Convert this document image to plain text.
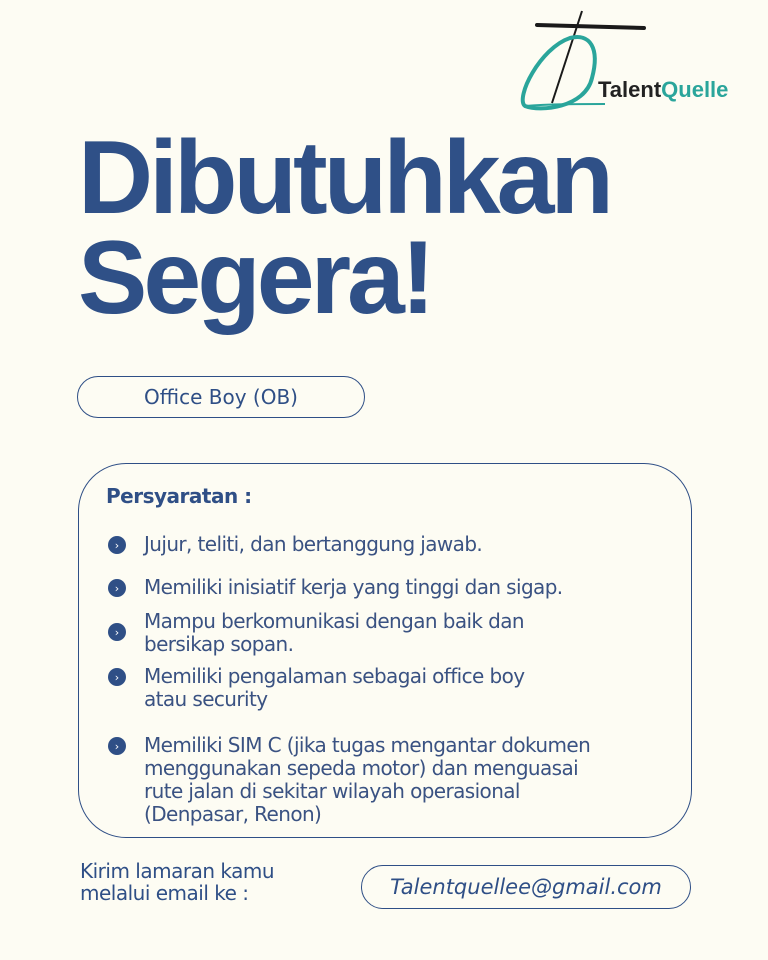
TalentQuelle
Dibutuhkan
Segera!
Office Boy (OB)
Persyaratan :
›	Jujur, teliti, dan bertanggung jawab.
›	Memiliki inisiatif kerja yang tinggi dan sigap.
›	Mampu berkomunikasi dengan baik dan bersikap sopan.
›	Memiliki pengalaman sebagai office boy atau security
›	Memiliki SIM C (jika tugas mengantar dokumen menggunakan sepeda motor) dan menguasai rute jalan di sekitar wilayah operasional (Denpasar, Renon)
Kirim lamaran kamu
melalui email ke :	Talentquellee@gmail.com
